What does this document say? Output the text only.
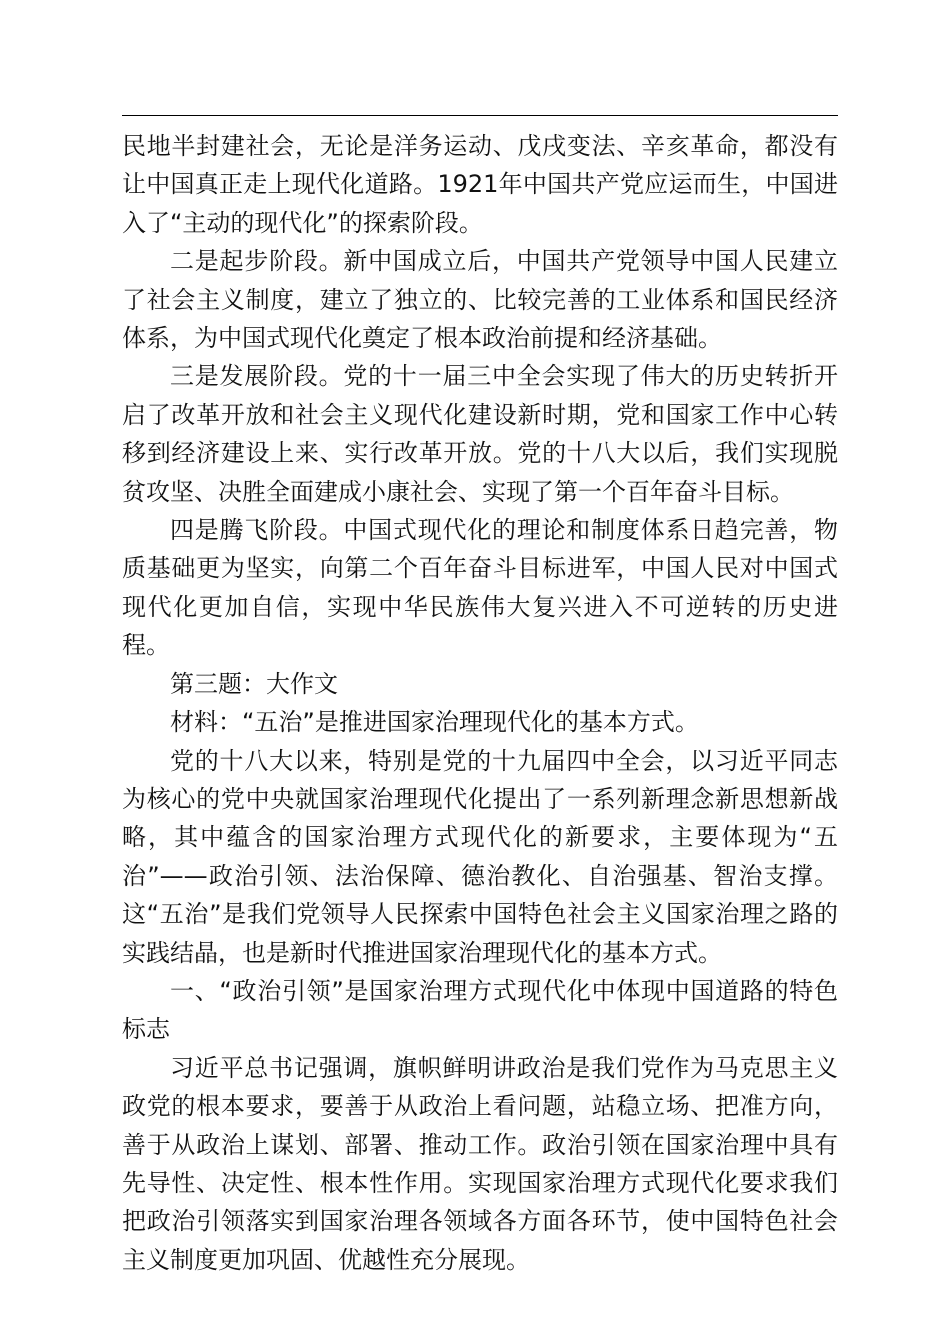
民地半封建社会，无论是洋务运动、戊戌变法、辛亥革命，都没有让中国真正走上现代化道路。1921年中国共产党应运而生，中国进入了“主动的现代化”的探索阶段。

二是起步阶段。新中国成立后，中国共产党领导中国人民建立了社会主义制度，建立了独立的、比较完善的工业体系和国民经济体系，为中国式现代化奠定了根本政治前提和经济基础。

三是发展阶段。党的十一届三中全会实现了伟大的历史转折开启了改革开放和社会主义现代化建设新时期，党和国家工作中心转移到经济建设上来、实行改革开放。党的十八大以后，我们实现脱贫攻坚、决胜全面建成小康社会、实现了第一个百年奋斗目标。

四是腾飞阶段。中国式现代化的理论和制度体系日趋完善，物质基础更为坚实，向第二个百年奋斗目标进军，中国人民对中国式现代化更加自信，实现中华民族伟大复兴进入不可逆转的历史进程。

第三题：大作文

材料：“五治”是推进国家治理现代化的基本方式。

党的十八大以来，特别是党的十九届四中全会，以习近平同志为核心的党中央就国家治理现代化提出了一系列新理念新思想新战略，其中蕴含的国家治理方式现代化的新要求，主要体现为“五治”——政治引领、法治保障、德治教化、自治强基、智治支撑。这“五治”是我们党领导人民探索中国特色社会主义国家治理之路的实践结晶，也是新时代推进国家治理现代化的基本方式。

一、“政治引领”是国家治理方式现代化中体现中国道路的特色标志

习近平总书记强调，旗帜鲜明讲政治是我们党作为马克思主义政党的根本要求，要善于从政治上看问题，站稳立场、把准方向，善于从政治上谋划、部署、推动工作。政治引领在国家治理中具有先导性、决定性、根本性作用。实现国家治理方式现代化要求我们把政治引领落实到国家治理各领域各方面各环节，使中国特色社会主义制度更加巩固、优越性充分展现。
